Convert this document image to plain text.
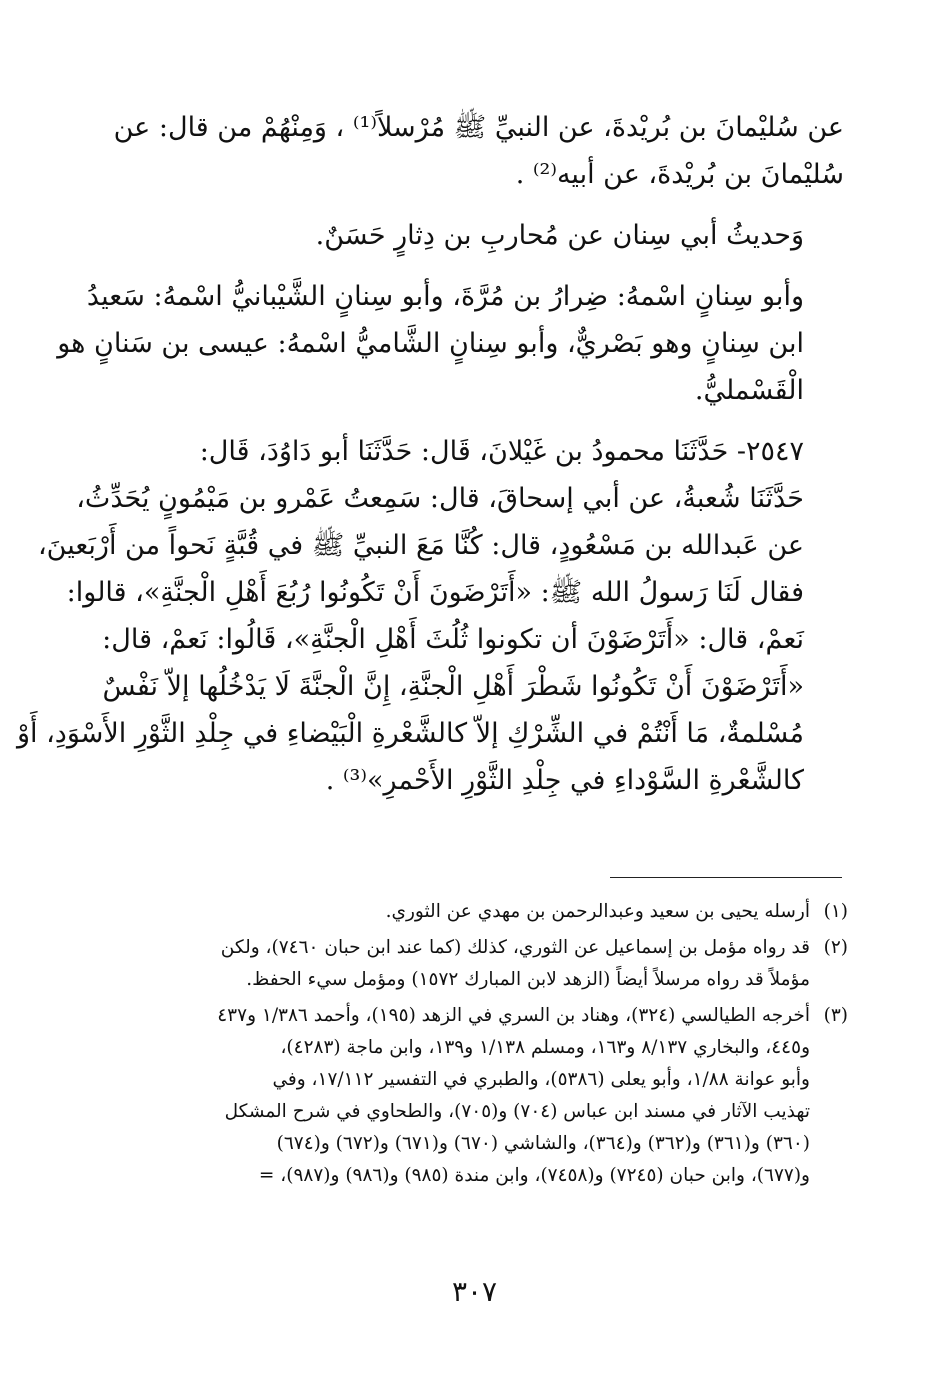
عن سُليْمانَ بن بُريْدةَ، عن النبيِّ ﷺ مُرْسلاً⁽¹⁾ ، وَمِنْهُمْ من قال: عن
سُليْمانَ بن بُريْدةَ، عن أبيه⁽²⁾ .

وَحديثُ أبي سِنان عن مُحاربِ بن دِثارٍ حَسَنٌ.

وأبو سِنانٍ اسْمهُ: ضِرارُ بن مُرَّةَ، وأبو سِنانٍ الشَّيْبانيُّ اسْمهُ: سَعيدُ
ابن سِنانٍ وهو بَصْريٌّ، وأبو سِنانٍ الشَّاميُّ اسْمهُ: عيسى بن سَنانٍ هو
الْقَسْمليُّ.

٢٥٤٧- حَدَّثَنَا محمودُ بن غَيْلانَ، قَال: حَدَّثَنَا أبو دَاوُدَ، قَال:
حَدَّثَنَا شُعبةُ، عن أبي إسحاقَ، قال: سَمِعتُ عَمْرو بن مَيْمُونٍ يُحَدِّثُ،
عن عَبدالله بن مَسْعُودٍ، قال: كُنَّا مَعَ النبيِّ ﷺ في قُبَّةٍ نَحواً من أَرْبَعينَ،
فقال لَنَا رَسولُ الله ﷺ: «أَتَرْضَونَ أَنْ تَكُونُوا رُبُعَ أَهْلِ الْجنَّةِ»، قالوا:
نَعمْ، قال: «أَتَرْضَوْنَ أن تكونوا ثُلُثَ أَهْلِ الْجنَّةِ»، قَالُوا: نَعمْ، قال:
«أَتَرْضَوْنَ أَنْ تَكُونُوا شَطْرَ أَهْلِ الْجنَّةِ، إِنَّ الْجنَّةَ لَا يَدْخُلُها إلاّ نَفْسٌ
مُسْلمةٌ، مَا أَنْتُمْ في الشِّرْكِ إلاّ كالشَّعْرةِ الْبَيْضاءِ في جِلْدِ الثَّوْرِ الأَسْوَدِ، أَوْ
كالشَّعْرةِ السَّوْداءِ في جِلْدِ الثَّوْرِ الأَحْمرِ»⁽³⁾ .

(١)
أرسله يحيى بن سعيد وعبدالرحمن بن مهدي عن الثوري.
(٢)
قد رواه مؤمل بن إسماعيل عن الثوري، كذلك (كما عند ابن حبان ٧٤٦٠)، ولكن
مؤملاً قد رواه مرسلاً أيضاً (الزهد لابن المبارك ١٥٧٢) ومؤمل سيء الحفظ.
(٣)
أخرجه الطيالسي (٣٢٤)، وهناد بن السري في الزهد (١٩٥)، وأحمد ١/٣٨٦ و٤٣٧
و٤٤٥، والبخاري ٨/١٣٧ و١٦٣، ومسلم ١/١٣٨ و١٣٩، وابن ماجة (٤٢٨٣)،
وأبو عوانة ١/٨٨، وأبو يعلى (٥٣٨٦)، والطبري في التفسير ١٧/١١٢، وفي
تهذيب الآثار في مسند ابن عباس (٧٠٤) و(٧٠٥)، والطحاوي في شرح المشكل
(٣٦٠) و(٣٦١) و(٣٦٢) و(٣٦٤)، والشاشي (٦٧٠) و(٦٧١) و(٦٧٢) و(٦٧٤)
و(٦٧٧)، وابن حبان (٧٢٤٥) و(٧٤٥٨)، وابن مندة (٩٨٥) و(٩٨٦) و(٩٨٧)، =
٣٠٧
